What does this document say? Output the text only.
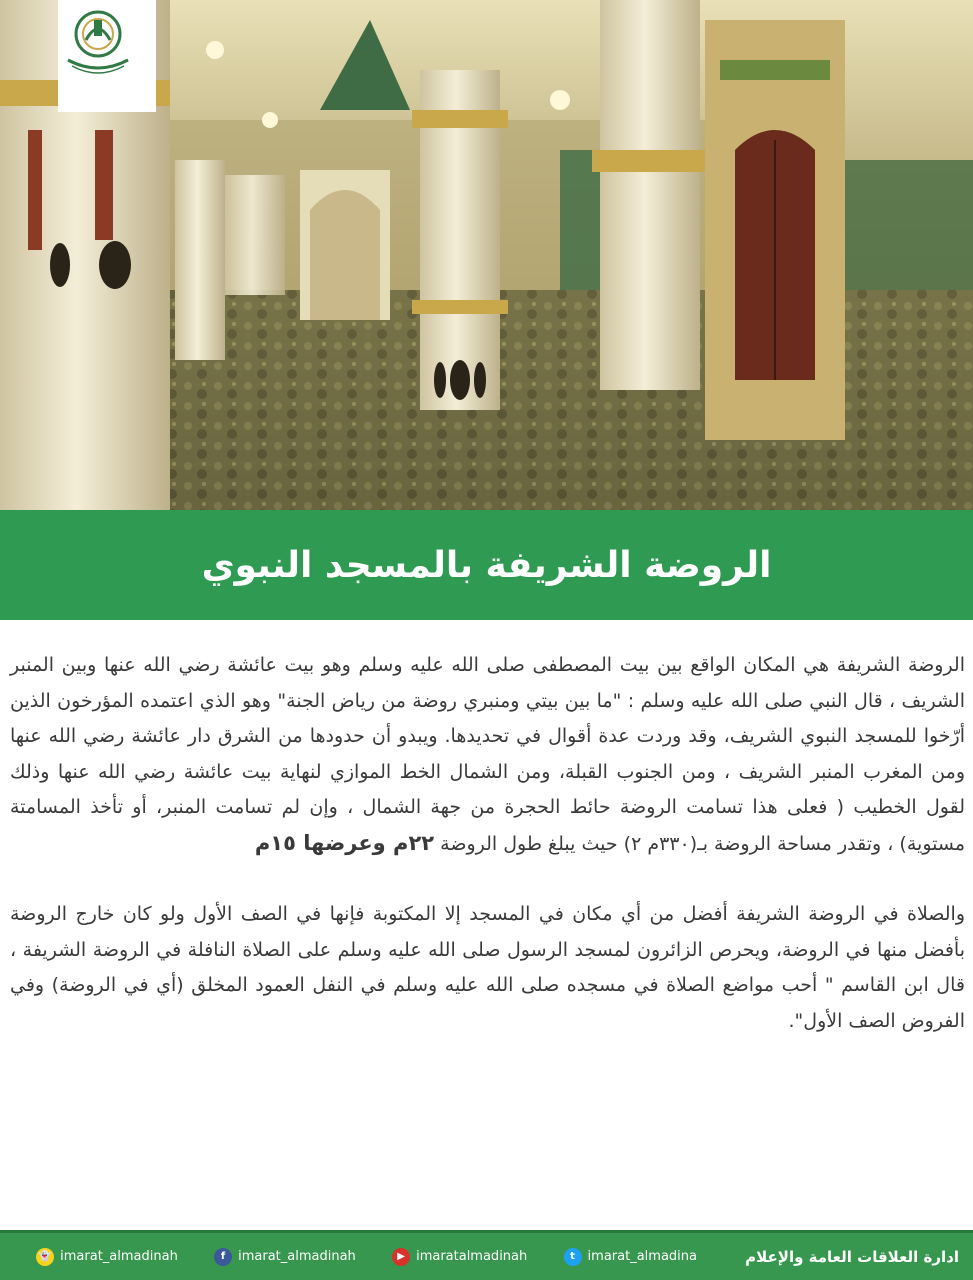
الروضة الشريفة بالمسجد النبوي

الروضة الشريفة هي المكان الواقع بين بيت المصطفى صلى الله عليه وسلم وهو بيت عائشة رضي الله عنها وبين المنبر الشريف ، قال النبي صلى الله عليه وسلم : "ما بين بيتي ومنبري روضة من رياض الجنة" وهو الذي اعتمده المؤرخون الذين أرّخوا للمسجد النبوي الشريف، وقد وردت عدة أقوال في تحديدها. ويبدو أن حدودها من الشرق دار عائشة رضي الله عنها ومن المغرب المنبر الشريف ، ومن الجنوب القبلة، ومن الشمال الخط الموازي لنهاية بيت عائشة رضي الله عنها وذلك لقول الخطيب ( فعلى هذا تسامت الروضة حائط الحجرة من جهة الشمال ، وإن لم تسامت المنبر، أو تأخذ المسامتة مستوية) ، وتقدر مساحة الروضة بـ(٣٣٠م ٢) حيث يبلغ طول الروضة ٢٢م وعرضها ١٥م

والصلاة في الروضة الشريفة أفضل من أي مكان في المسجد إلا المكتوبة فإنها في الصف الأول ولو كان خارج الروضة بأفضل منها في الروضة، ويحرص الزائرون لمسجد الرسول صلى الله عليه وسلم على الصلاة النافلة في الروضة الشريفة ، قال ابن القاسم " أحب مواضع الصلاة في مسجده صلى الله عليه وسلم في النفل العمود المخلق (أي في الروضة) وفي الفروض الصف الأول".

ادارة العلاقات العامة والإعلام
👻 imarat_almadinah	f imarat_almadinah	▶ imaratalmadinah	t imarat_almadina
